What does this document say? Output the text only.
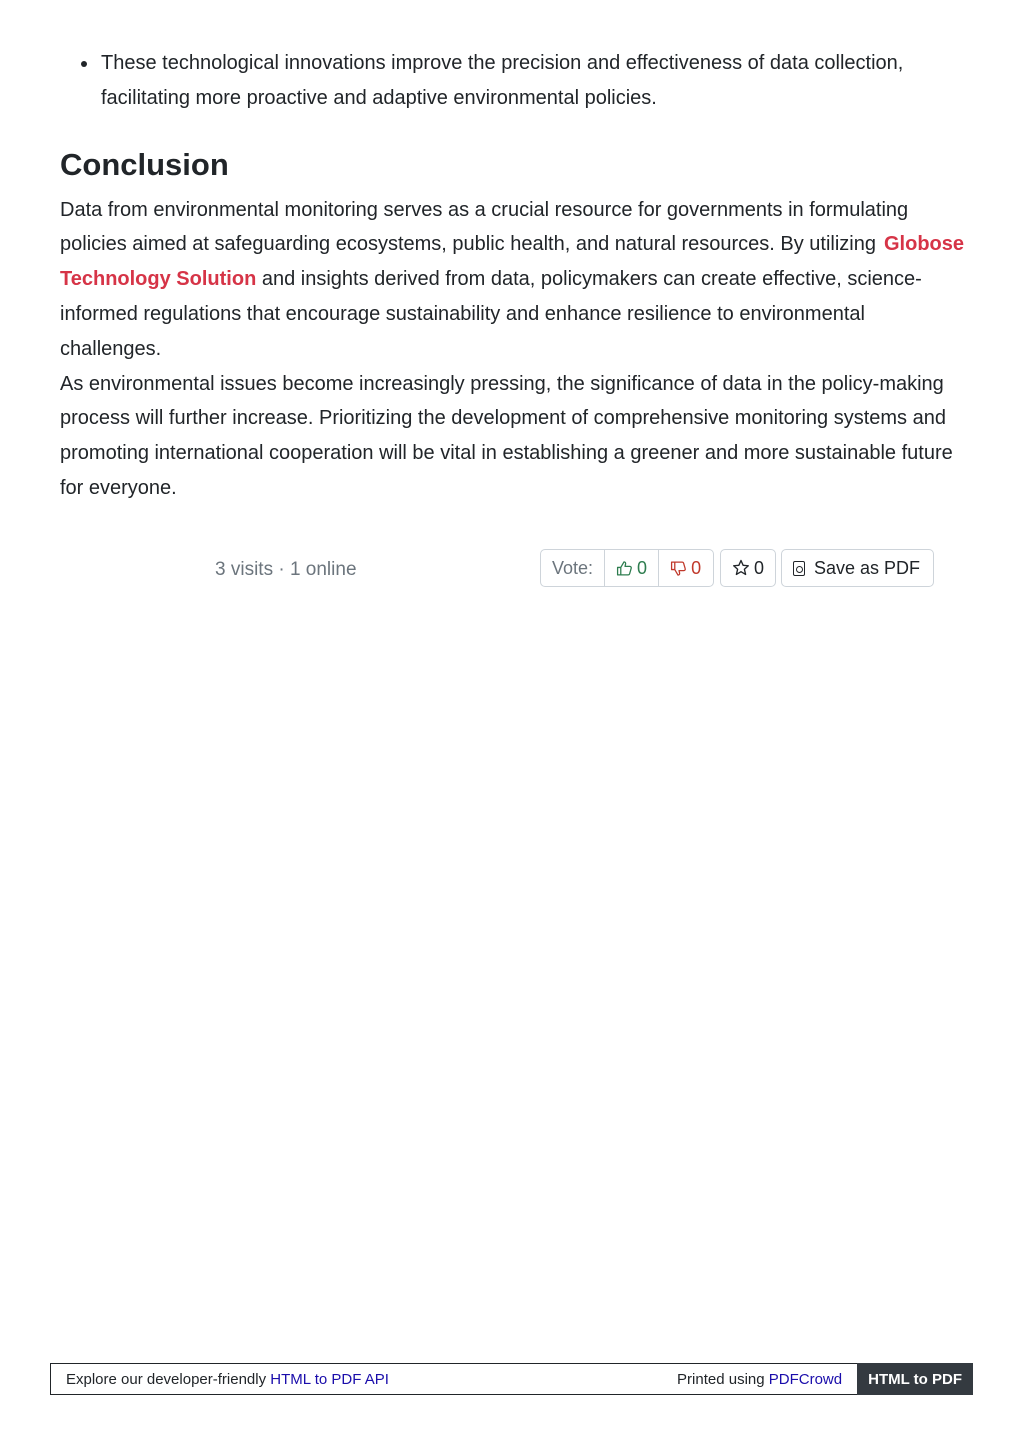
These technological innovations improve the precision and effectiveness of data collection, facilitating more proactive and adaptive environmental policies.
Conclusion

Data from environmental monitoring serves as a crucial resource for governments in formulating policies aimed at safeguarding ecosystems, public health, and natural resources. By utilizing Globose Technology Solution and insights derived from data, policymakers can create effective, science-informed regulations that encourage sustainability and enhance resilience to environmental challenges.

As environmental issues become increasingly pressing, the significance of data in the policy-making process will further increase. Prioritizing the development of comprehensive monitoring systems and promoting international cooperation will be vital in establishing a greener and more sustainable future for everyone.

3 visits · 1 online	Vote:	0 0	0	Save as PDF
Explore our developer-friendly HTML to PDF API	Printed using PDFCrowd	HTML to PDF
